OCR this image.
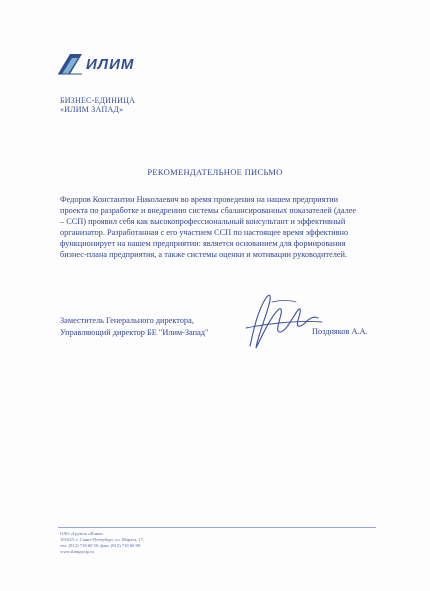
ИЛИМ
БИЗНЕС-ЕДИНИЦА
«ИЛИМ ЗАПАД»
РЕКОМЕНДАТЕЛЬНОЕ ПИСЬМО
Федоров Константин Николаевич во время проведения на нашем предприятии
проекта по разработке и внедрению системы сбалансированных показателей (далее
– ССП) проявил себя как высокопрофессиональный консультант и эффективный
организатор. Разработанная с его участием ССП по настоящее время эффективно
функционирует на нашем предприятии: является основанием для формирования
бизнес-плана предприятия, а также системы оценки и мотивации руководителей.
Заместитель Генерального директора,
Управляющий директор БЕ "Илим-Запад"	Поздняков А.А.
ОАО «Группа «Илим»
191025, г. Санкт-Петербург, ул. Марата, 17,
тел. (812) 718 60 50, факс (812) 718 60 00
www.ilimgroup.ru
